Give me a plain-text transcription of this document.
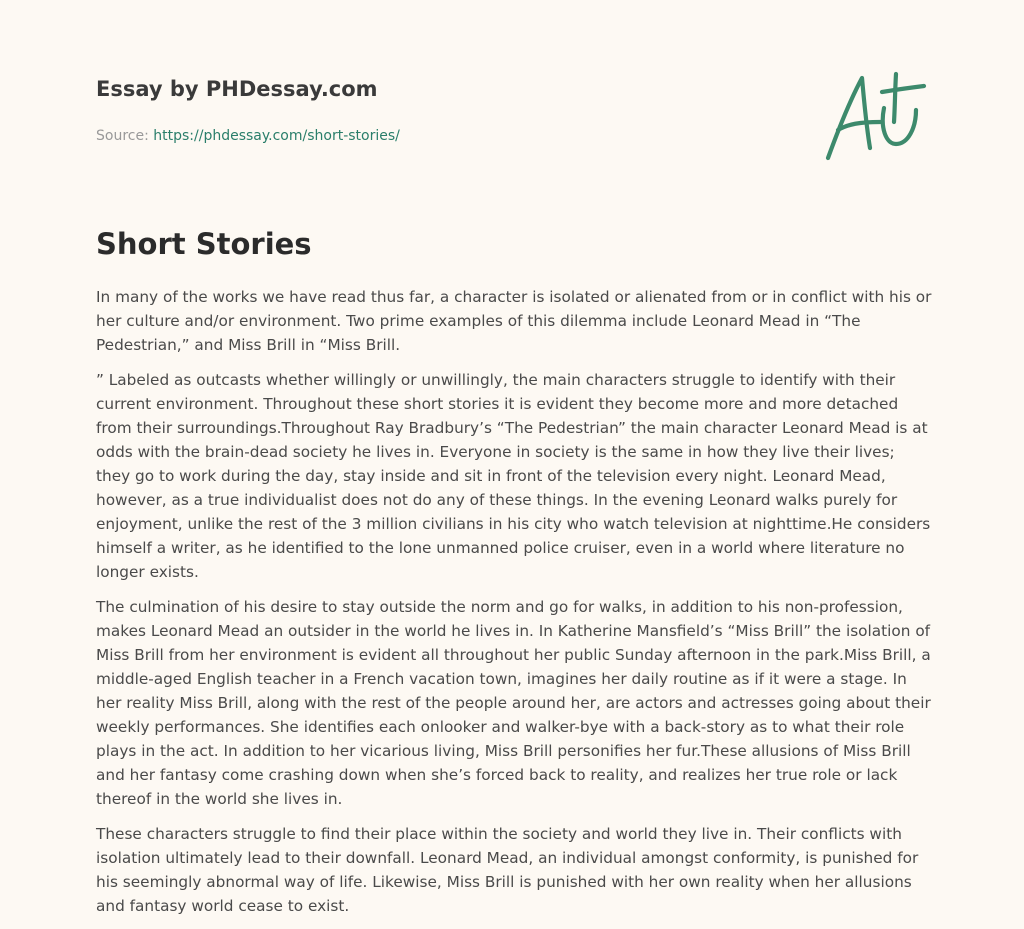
Essay by PHDessay.com
Source: https://phdessay.com/short-stories/
Short Stories

In many of the works we have read thus far, a character is isolated or alienated from or in conflict with his or her culture and/or environment. Two prime examples of this dilemma include Leonard Mead in “The Pedestrian,” and Miss Brill in “Miss Brill.

” Labeled as outcasts whether willingly or unwillingly, the main characters struggle to identify with their current environment. Throughout these short stories it is evident they become more and more detached from their surroundings.Throughout Ray Bradbury’s “The Pedestrian” the main character Leonard Mead is at odds with the brain-dead society he lives in. Everyone in society is the same in how they live their lives; they go to work during the day, stay inside and sit in front of the television every night. Leonard Mead, however, as a true individualist does not do any of these things. In the evening Leonard walks purely for enjoyment, unlike the rest of the 3 million civilians in his city who watch television at nighttime.He considers himself a writer, as he identified to the lone unmanned police cruiser, even in a world where literature no longer exists.

The culmination of his desire to stay outside the norm and go for walks, in addition to his non-profession, makes Leonard Mead an outsider in the world he lives in. In Katherine Mansfield’s “Miss Brill” the isolation of Miss Brill from her environment is evident all throughout her public Sunday afternoon in the park.Miss Brill, a middle-aged English teacher in a French vacation town, imagines her daily routine as if it were a stage. In her reality Miss Brill, along with the rest of the people around her, are actors and actresses going about their weekly performances. She identifies each onlooker and walker-bye with a back-story as to what their role plays in the act. In addition to her vicarious living, Miss Brill personifies her fur.These allusions of Miss Brill and her fantasy come crashing down when she’s forced back to reality, and realizes her true role or lack thereof in the world she lives in.

These characters struggle to find their place within the society and world they live in. Their conflicts with isolation ultimately lead to their downfall. Leonard Mead, an individual amongst conformity, is punished for his seemingly abnormal way of life. Likewise, Miss Brill is punished with her own reality when her allusions and fantasy world cease to exist.
